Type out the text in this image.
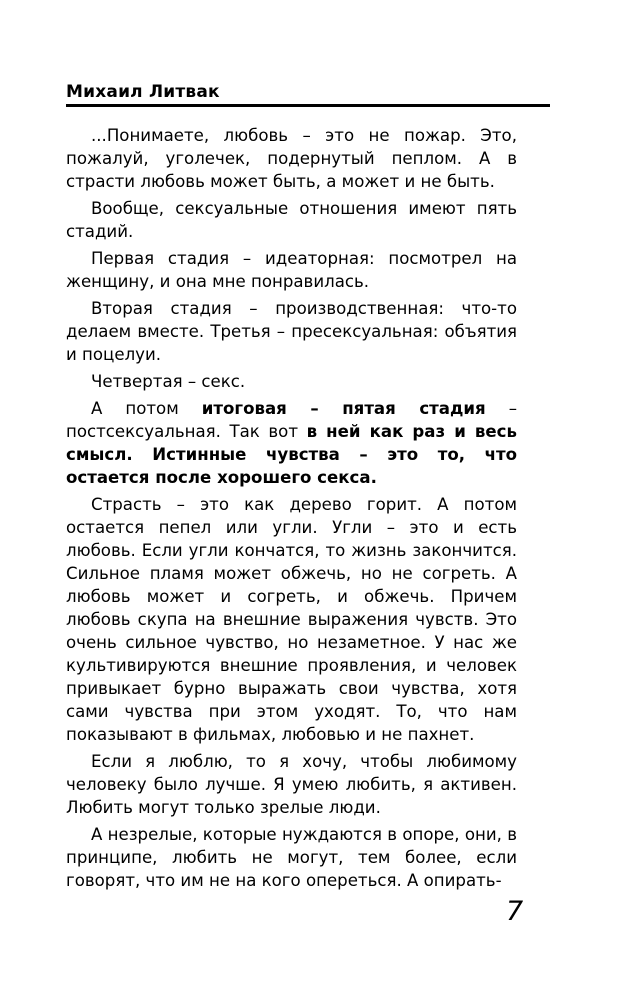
Михаил Литвак

...Понимаете, любовь – это не пожар. Это, пожалуй, уголечек, подернутый пеплом. А в страсти любовь может быть, а может и не быть.

Вообще, сексуальные отношения имеют пять стадий.

Первая стадия – идеаторная: посмотрел на женщину, и она мне понравилась.

Вторая стадия – производственная: что-то делаем вместе. Третья – пресексуальная: объятия и поцелуи.

Четвертая – секс.

А потом итоговая – пятая стадия – постсексуальная. Так вот в ней как раз и весь смысл. Истинные чувства – это то, что остается после хорошего секса.

Страсть – это как дерево горит. А потом остается пепел или угли. Угли – это и есть любовь. Если угли кончатся, то жизнь закончится. Сильное пламя может обжечь, но не согреть. А любовь может и согреть, и обжечь. Причем любовь скупа на внешние выражения чувств. Это очень сильное чувство, но незаметное. У нас же культивируются внешние проявления, и человек привыкает бурно выражать свои чувства, хотя сами чувства при этом уходят. То, что нам показывают в фильмах, любовью и не пахнет.

Если я люблю, то я хочу, чтобы любимому человеку было лучше. Я умею любить, я активен. Любить могут только зрелые люди.

А незрелые, которые нуждаются в опоре, они, в принципе, любить не могут, тем более, если говорят, что им не на кого опереться. А опирать-

7
